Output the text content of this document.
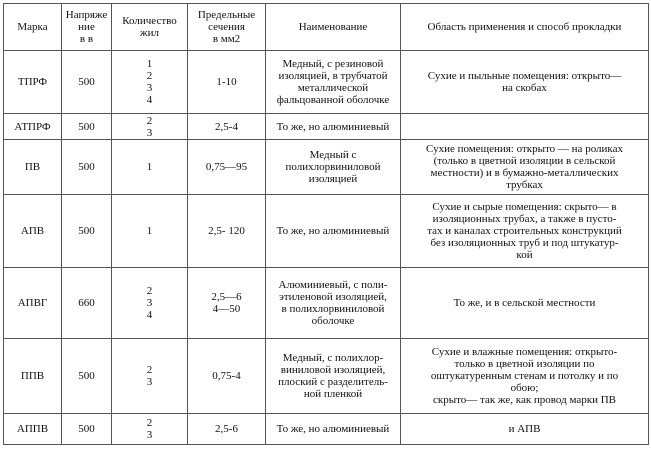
Марка	Напряже
ние
в в	Количество
жил	Предельные
сечения
в мм2	Наименование	Область применения и способ прокладки
ТПРФ	500	1
2
3
4	1-10	Медный, с резиновой
изоляцией, в трубчатой
металлической
фальцованной оболочке	Сухие и пыльные помещения: открыто—
на скобах
АТПРФ	500	2
3	2,5-4	То же, но алюминиевый	
ПВ	500	1	0,75—95	Медный с
полихлорвиниловой
изоляцией	Сухие помещения: открыто — на роликах
(только в цветной изоляции в сельской
местности) и в бумажно-металлических
трубках
АПВ	500	1	2,5- 120	То же, но алюминиевый	Сухие и сырые помещения: скрыто— в
изоляционных трубах, а также в пусто-
тах и каналах строительных конструкций
без изоляционных труб и под штукатур-
кой
АПВГ	660	2
3
4	2,5—6
4—50	Алюминиевый, с поли-
этиленовой изоляцией,
в полихлорвиниловой
оболочке	То же, и в сельской местности
ППВ	500	2
3	0,75-4	Медный, с полихлор-
виниловой изоляцией,
плоский с разделитель-
ной пленкой	Сухие и влажные помещения: открыто-
только в цветной изоляции по
оштукатуренным стенам и потолку и по
обою;
скрыто— так же, как провод марки ПВ
АППВ	500	2
3	2,5-6	То же, но алюминиевый	и АПВ
